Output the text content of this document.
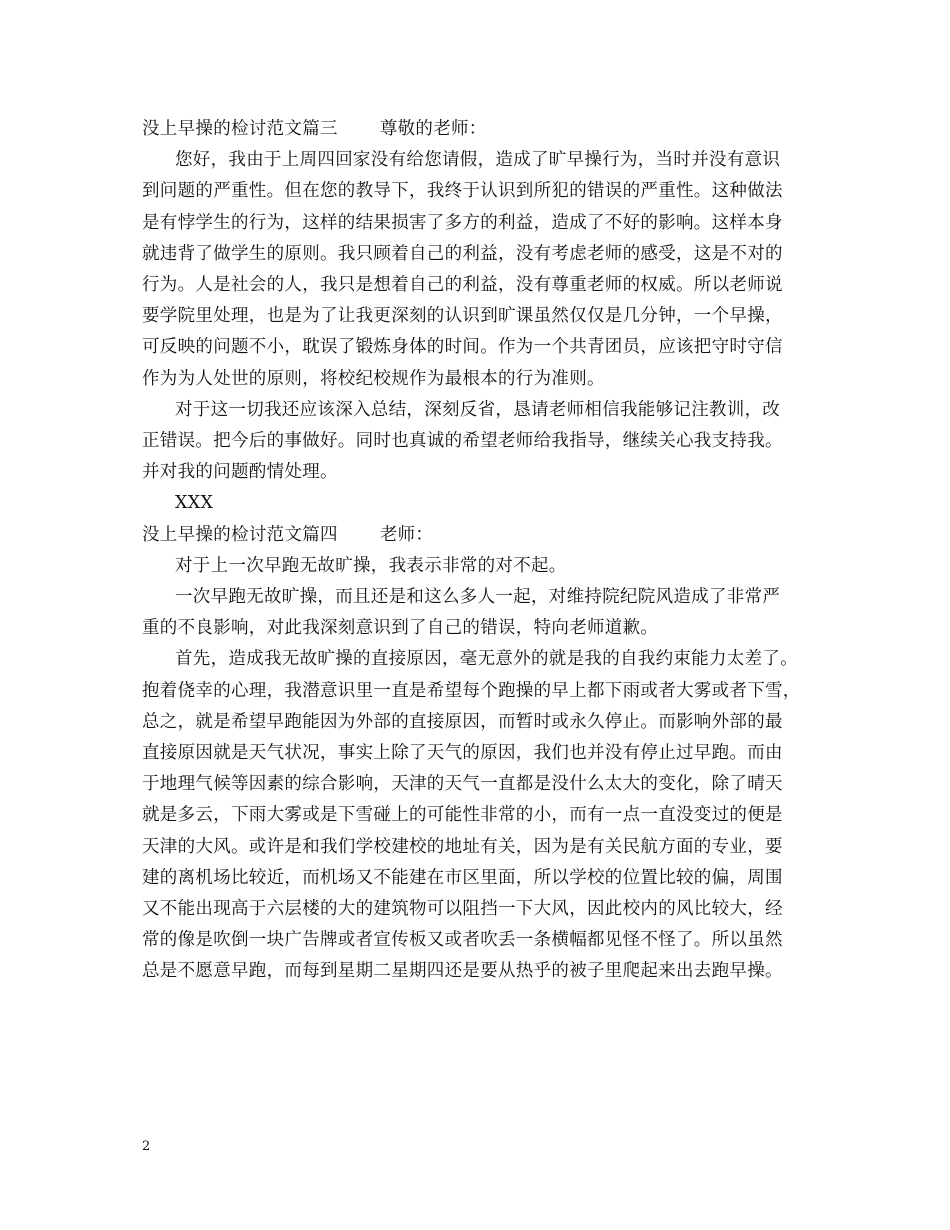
没上早操的检讨范文篇三 尊敬的老师：
您好，我由于上周四回家没有给您请假，造成了旷早操行为，当时并没有意识
到问题的严重性。但在您的教导下，我终于认识到所犯的错误的严重性。这种做法
是有悖学生的行为，这样的结果损害了多方的利益，造成了不好的影响。这样本身
就违背了做学生的原则。我只顾着自己的利益，没有考虑老师的感受，这是不对的
行为。人是社会的人，我只是想着自己的利益，没有尊重老师的权威。所以老师说
要学院里处理，也是为了让我更深刻的认识到旷课虽然仅仅是几分钟，一个早操，
可反映的问题不小，耽误了锻炼身体的时间。作为一个共青团员，应该把守时守信
作为为人处世的原则，将校纪校规作为最根本的行为准则。
对于这一切我还应该深入总结，深刻反省，恳请老师相信我能够记注教训，改
正错误。把今后的事做好。同时也真诚的希望老师给我指导，继续关心我支持我。
并对我的问题酌情处理。
XXX
没上早操的检讨范文篇四 老师：
对于上一次早跑无故旷操，我表示非常的对不起。
一次早跑无故旷操，而且还是和这么多人一起，对维持院纪院风造成了非常严
重的不良影响，对此我深刻意识到了自己的错误，特向老师道歉。
首先，造成我无故旷操的直接原因，毫无意外的就是我的自我约束能力太差了。
抱着侥幸的心理，我潜意识里一直是希望每个跑操的早上都下雨或者大雾或者下雪，
总之，就是希望早跑能因为外部的直接原因，而暂时或永久停止。而影响外部的最
直接原因就是天气状况，事实上除了天气的原因，我们也并没有停止过早跑。而由
于地理气候等因素的综合影响，天津的天气一直都是没什么太大的变化，除了晴天
就是多云，下雨大雾或是下雪碰上的可能性非常的小，而有一点一直没变过的便是
天津的大风。或许是和我们学校建校的地址有关，因为是有关民航方面的专业，要
建的离机场比较近，而机场又不能建在市区里面，所以学校的位置比较的偏，周围
又不能出现高于六层楼的大的建筑物可以阻挡一下大风，因此校内的风比较大，经
常的像是吹倒一块广告牌或者宣传板又或者吹丢一条横幅都见怪不怪了。所以虽然
总是不愿意早跑，而每到星期二星期四还是要从热乎的被子里爬起来出去跑早操。
2
